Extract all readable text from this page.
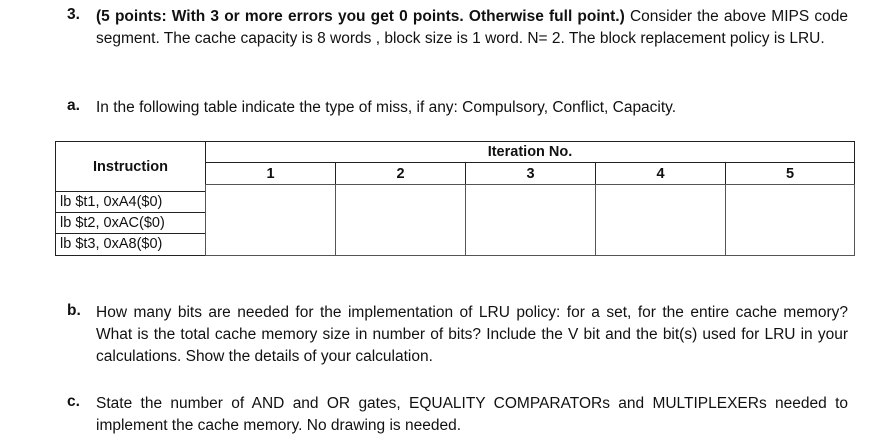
3. (5 points: With 3 or more errors you get 0 points. Otherwise full point.) Consider the above MIPS code segment. The cache capacity is 8 words , block size is 1 word. N= 2. The block replacement policy is LRU.
a. In the following table indicate the type of miss, if any: Compulsory, Conflict, Capacity.
Instruction
Iteration No.
1	2	3	4	5
lb $t1, 0xA4($0)
lb $t2, 0xAC($0)
lb $t3, 0xA8($0)
b. How many bits are needed for the implementation of LRU policy: for a set, for the entire cache memory? What is the total cache memory size in number of bits? Include the V bit and the bit(s) used for LRU in your calculations. Show the details of your calculation.
c. State the number of AND and OR gates, EQUALITY COMPARATORs and MULTIPLEXERs needed to implement the cache memory. No drawing is needed.
